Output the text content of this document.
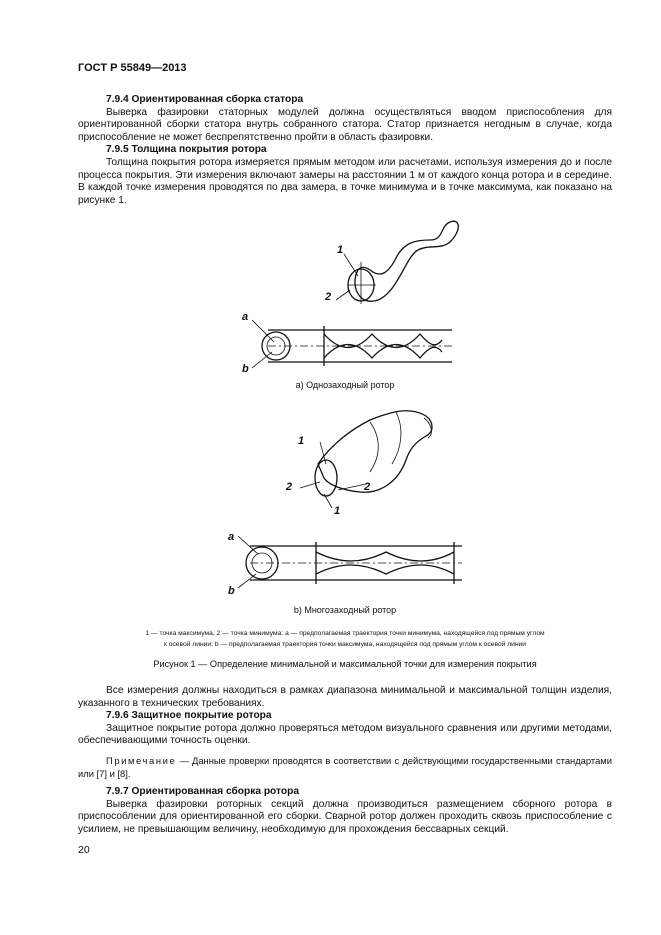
ГОСТ Р 55849—2013
7.9.4 Ориентированная сборка статора

Выверка фазировки статорных модулей должна осуществляться вводом приспособления для ориентированной сборки статора внутрь собранного статора. Статор признается негодным в случае, когда приспособление не может беспрепятственно пройти в область фазировки.

7.9.5 Толщина покрытия ротора

Толщина покрытия ротора измеряется прямым методом или расчетами, используя измерения до и после процесса покрытия. Эти измерения включают замеры на расстоянии 1 м от каждого конца ротора и в середине. В каждой точке измерения проводятся по два замера, в точке минимума и в точке максимума, как показано на рисунке 1.

1
2
a
b
а) Однозаходный ротор
1
2	2
1
a
b
b) Многозаходный ротор
1 — точка максимума, 2 — точка минимума: a — предполагаемая траектория точки минимума, находящейся под прямым углом
к осевой линии; b — предполагаемая траектория точки максимума, находящейся под прямым углом к осевой линии
Рисунок 1 — Определение минимальной и максимальной точки для измерения покрытия

Все измерения должны находиться в рамках диапазона минимальной и максимальной толщин изделия, указанного в технических требованиях.

7.9.6 Защитное покрытие ротора

Защитное покрытие ротора должно проверяться методом визуального сравнения или другими методами, обеспечивающими точность оценки.

Примечание — Данные проверки проводятся в соответствии с действующими государственными стандартами или [7] и [8].

7.9.7 Ориентированная сборка ротора

Выверка фазировки роторных секций должна производиться размещением сборного ротора в приспособлении для ориентированной его сборки. Сварной ротор должен проходить сквозь приспособление с усилием, не превышающим величину, необходимую для прохождения бессварных секций.

20
